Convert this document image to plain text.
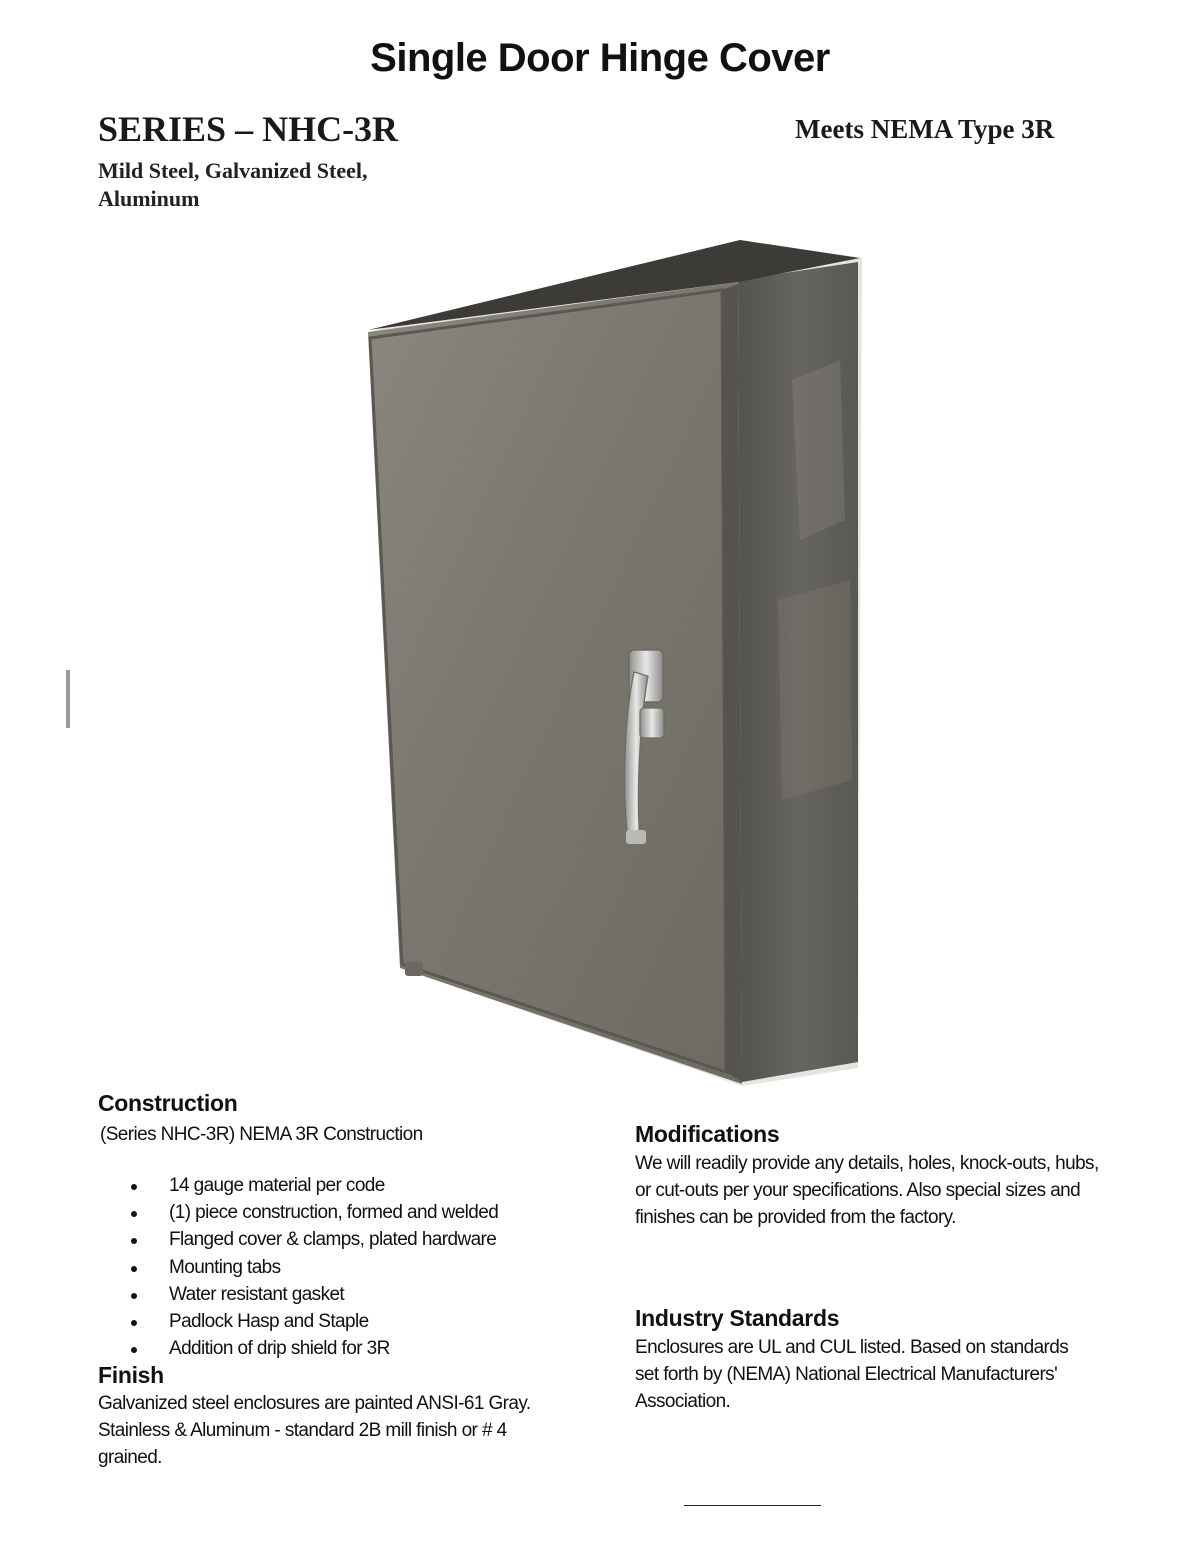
Single Door Hinge Cover
SERIES – NHC-3R
Mild Steel, Galvanized Steel, Aluminum
Meets NEMA Type 3R
Construction
(Series NHC-3R) NEMA 3R Construction
14 gauge material per code
(1) piece construction, formed and welded
Flanged cover & clamps, plated hardware
Mounting tabs
Water resistant gasket
Padlock Hasp and Staple
Addition of drip shield for 3R
Finish
Galvanized steel enclosures are painted ANSI-61 Gray. Stainless & Aluminum - standard 2B mill finish or # 4 grained.
Modifications
We will readily provide any details, holes, knock-outs, hubs, or cut-outs per your specifications. Also special sizes and finishes can be provided from the factory.
Industry Standards
Enclosures are UL and CUL listed. Based on standards set forth by (NEMA) National Electrical Manufacturers' Association.
